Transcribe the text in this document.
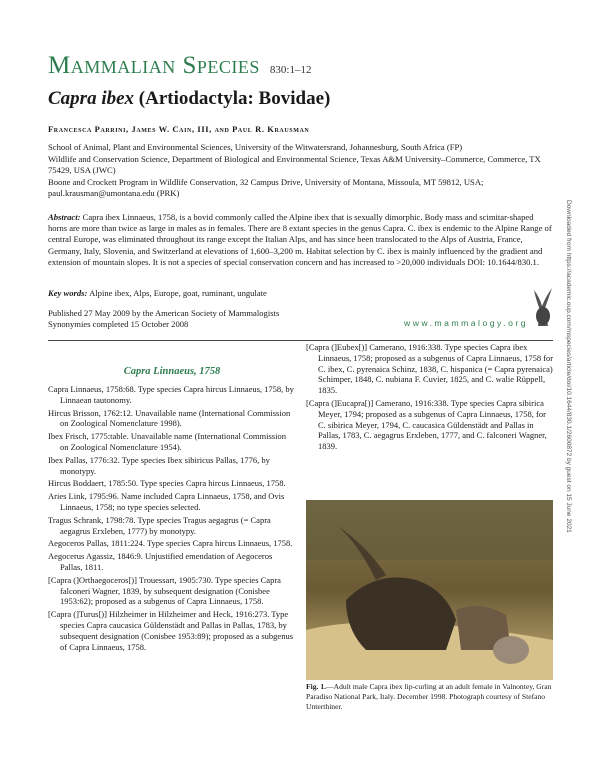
Mammalian Species 830:1–12
Capra ibex (Artiodactyla: Bovidae)
Francesca Parrini, James W. Cain, III, and Paul R. Krausman

School of Animal, Plant and Environmental Sciences, University of the Witwatersrand, Johannesburg, South Africa (FP)

Wildlife and Conservation Science, Department of Biological and Environmental Science, Texas A&M University–Commerce, Commerce, TX 75429, USA (JWC)

Boone and Crockett Program in Wildlife Conservation, 32 Campus Drive, University of Montana, Missoula, MT 59812, USA; paul.krausman@umontana.edu (PRK)

Abstract: Capra ibex Linnaeus, 1758, is a bovid commonly called the Alpine ibex that is sexually dimorphic. Body mass and scimitar-shaped horns are more than twice as large in males as in females. There are 8 extant species in the genus Capra. C. ibex is endemic to the Alpine Range of central Europe, was eliminated throughout its range except the Italian Alps, and has since been translocated to the Alps of Austria, France, Germany, Italy, Slovenia, and Switzerland at elevations of 1,600–3,200 m. Habitat selection by C. ibex is mainly influenced by the gradient and extension of mountain slopes. It is not a species of special conservation concern and has increased to >20,000 individuals DOI: 10.1644/830.1.
Key words: Alpine ibex, Alps, Europe, goat, ruminant, ungulate
Published 27 May 2009 by the American Society of Mammalogists
Synonymies completed 15 October 2008	www.mammalogy.org	Downloaded from https://academic.oup.com/mspecies/article/doi/10.1644/830.1/2600872 by guest on 15 June 2021
Capra Linnaeus, 1758

Capra Linnaeus, 1758:68. Type species Capra hircus Linnaeus, 1758, by Linnaean tautonomy.

Hircus Brisson, 1762:12. Unavailable name (International Commission on Zoological Nomenclature 1998).

Ibex Frisch, 1775:table. Unavailable name (International Commission on Zoological Nomenclature 1954).

Ibex Pallas, 1776:32. Type species Ibex sibiricus Pallas, 1776, by monotypy.

Hircus Boddaert, 1785:50. Type species Capra hircus Linnaeus, 1758.

Aries Link, 1795:96. Name included Capra Linnaeus, 1758, and Ovis Linnaeus, 1758; no type species selected.

Tragus Schrank, 1798:78. Type species Tragus aegagrus (= Capra aegagrus Erxleben, 1777) by monotypy.

Aegoceros Pallas, 1811:224. Type species Capra hircus Linnaeus, 1758.

Aegocerus Agassiz, 1846:9. Unjustified emendation of Aegoceros Pallas, 1811.

[Capra (]Orthaegoceros[)] Trouessart, 1905:730. Type species Capra falconeri Wagner, 1839, by subsequent designation (Conisbee 1953:62); proposed as a subgenus of Capra Linnaeus, 1758.

[Capra (]Turus[)] Hilzheimer in Hilzheimer and Heck, 1916:273. Type species Capra caucasica Güldenstädt and Pallas in Pallas, 1783, by subsequent designation (Conisbee 1953:89); proposed as a subgenus of Capra Linnaeus, 1758.

[Capra (]Eubex[)] Camerano, 1916:338. Type species Capra ibex Linnaeus, 1758; proposed as a subgenus of Capra Linnaeus, 1758 for C. ibex, C. pyrenaica Schinz, 1838, C. hispanica (= Capra pyrenaica) Schimper, 1848, C. nubiana F. Cuvier, 1825, and C. walie Rüppell, 1835.

[Capra (]Eucapra[)] Camerano, 1916:338. Type species Capra sibirica Meyer, 1794; proposed as a subgenus of Capra Linnaeus, 1758, for C. sibirica Meyer, 1794, C. caucasica Güldenstädt and Pallas in Pallas, 1783, C. aegagrus Erxleben, 1777, and C. falconeri Wagner, 1839.

Fig. 1.—Adult male Capra ibex lip-curling at an adult female in Valnontey, Gran Paradiso National Park, Italy. December 1998. Photograph courtesy of Stefano Unterthiner.
